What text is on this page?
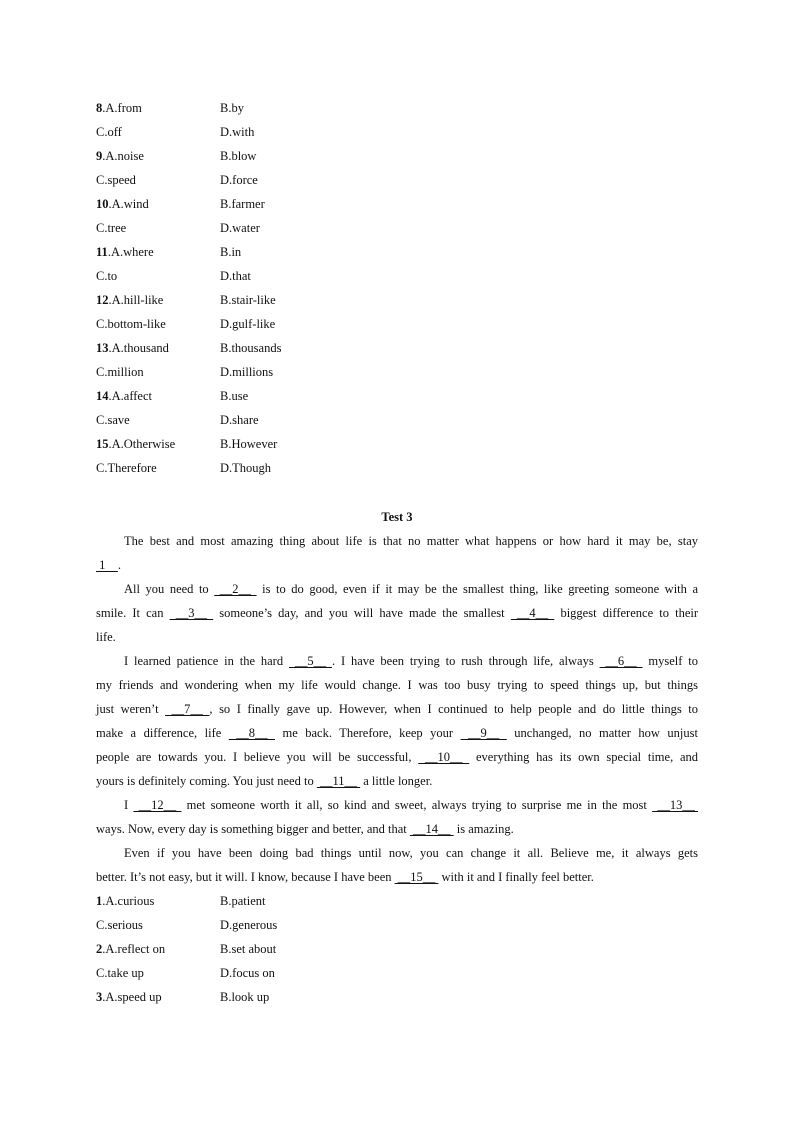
8.A.from	B.by
C.off	D.with
9.A.noise	B.blow
C.speed	D.force
10.A.wind	B.farmer
C.tree	D.water
11.A.where	B.in
C.to	D.that
12.A.hill-like	B.stair-like
C.bottom-like	D.gulf-like
13.A.thousand	B.thousands
C.million	D.millions
14.A.affect	B.use
C.save	D.share
15.A.Otherwise	B.However
C.Therefore	D.Though
Test 3
The best and most amazing thing about life is that no matter what happens or how hard it may be, stay
1    .
All you need to  __2__  is to do good, even if it may be the smallest thing, like greeting someone with a
smile. It can  __3__  someone’s day, and you will have made the smallest  __4__  biggest difference to their
life.
I learned patience in the hard  __5__ . I have been trying to rush through life, always  __6__  myself to
my friends and wondering when my life would change. I was too busy trying to speed things up, but things
just weren’t  __7__ , so I finally gave up. However, when I continued to help people and do little things to
make a difference, life  __8__  me back. Therefore, keep your  __9__  unchanged, no matter how unjust
people are towards you. I believe you will be successful,  __10__  everything has its own special time, and
yours is definitely coming. You just need to  __11__  a little longer.
I  __12__  met someone worth it all, so kind and sweet, always trying to surprise me in the most  __13__
ways. Now, every day is something bigger and better, and that  __14__  is amazing.
Even if you have been doing bad things until now, you can change it all. Believe me, it always gets
better. It’s not easy, but it will. I know, because I have been  __15__  with it and I finally feel better.
1.A.curious	B.patient
C.serious	D.generous
2.A.reflect on	B.set about
C.take up	D.focus on
3.A.speed up	B.look up
